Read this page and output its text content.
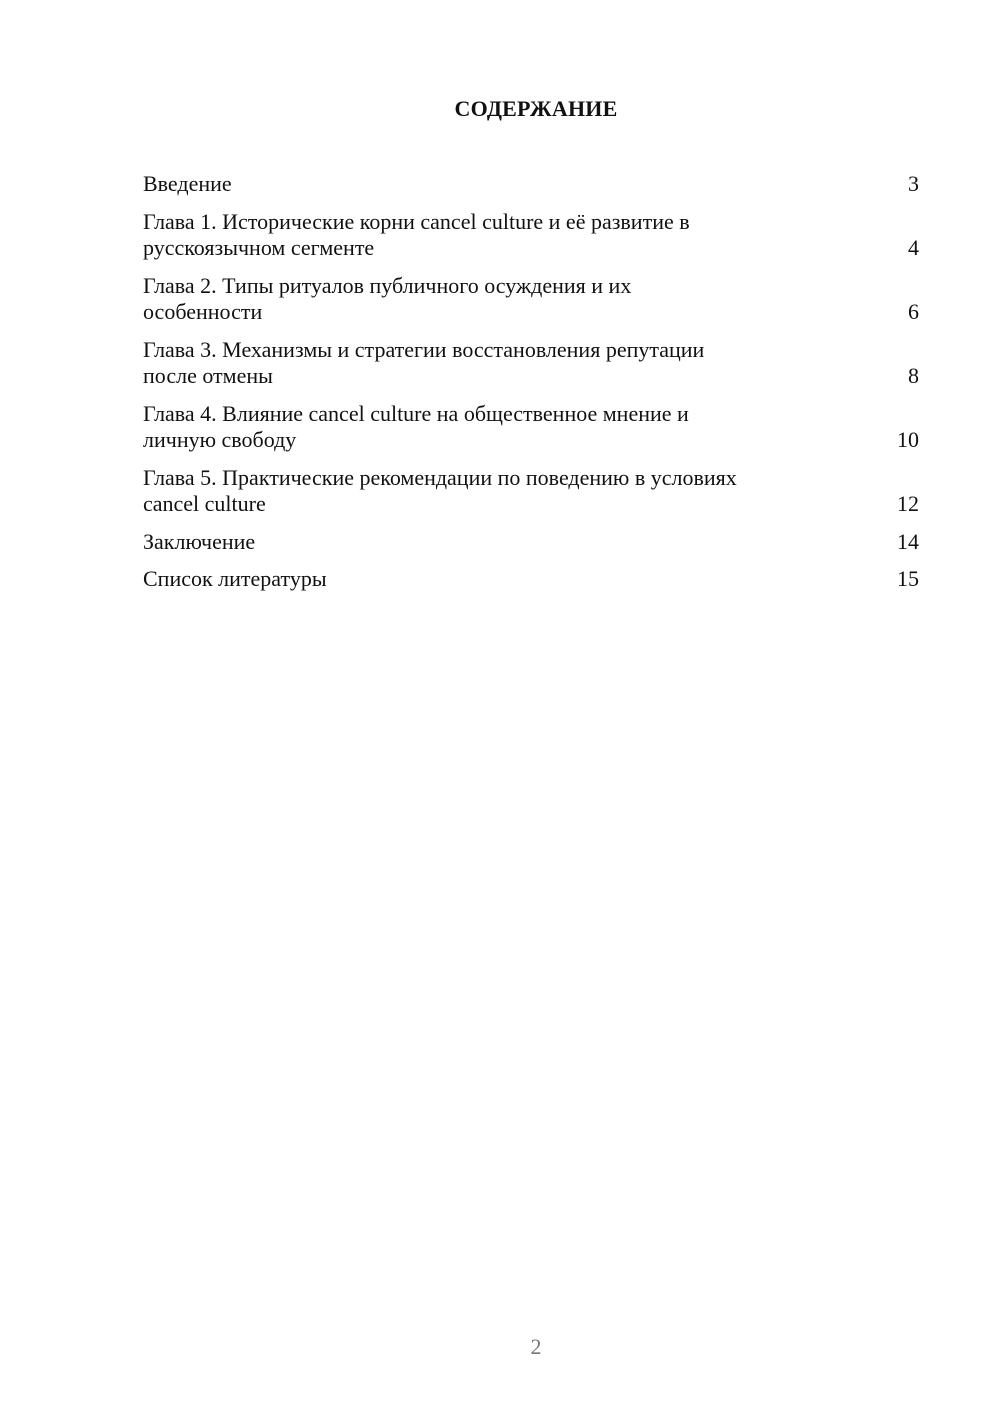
СОДЕРЖАНИЕ
Введение	3
Глава 1. Исторические корни cancel culture и её развитие в
русскоязычном сегменте	4
Глава 2. Типы ритуалов публичного осуждения и их
особенности	6
Глава 3. Механизмы и стратегии восстановления репутации
после отмены	8
Глава 4. Влияние cancel culture на общественное мнение и
личную свободу	10
Глава 5. Практические рекомендации по поведению в условиях
cancel culture	12
Заключение	14
Список литературы	15
2
